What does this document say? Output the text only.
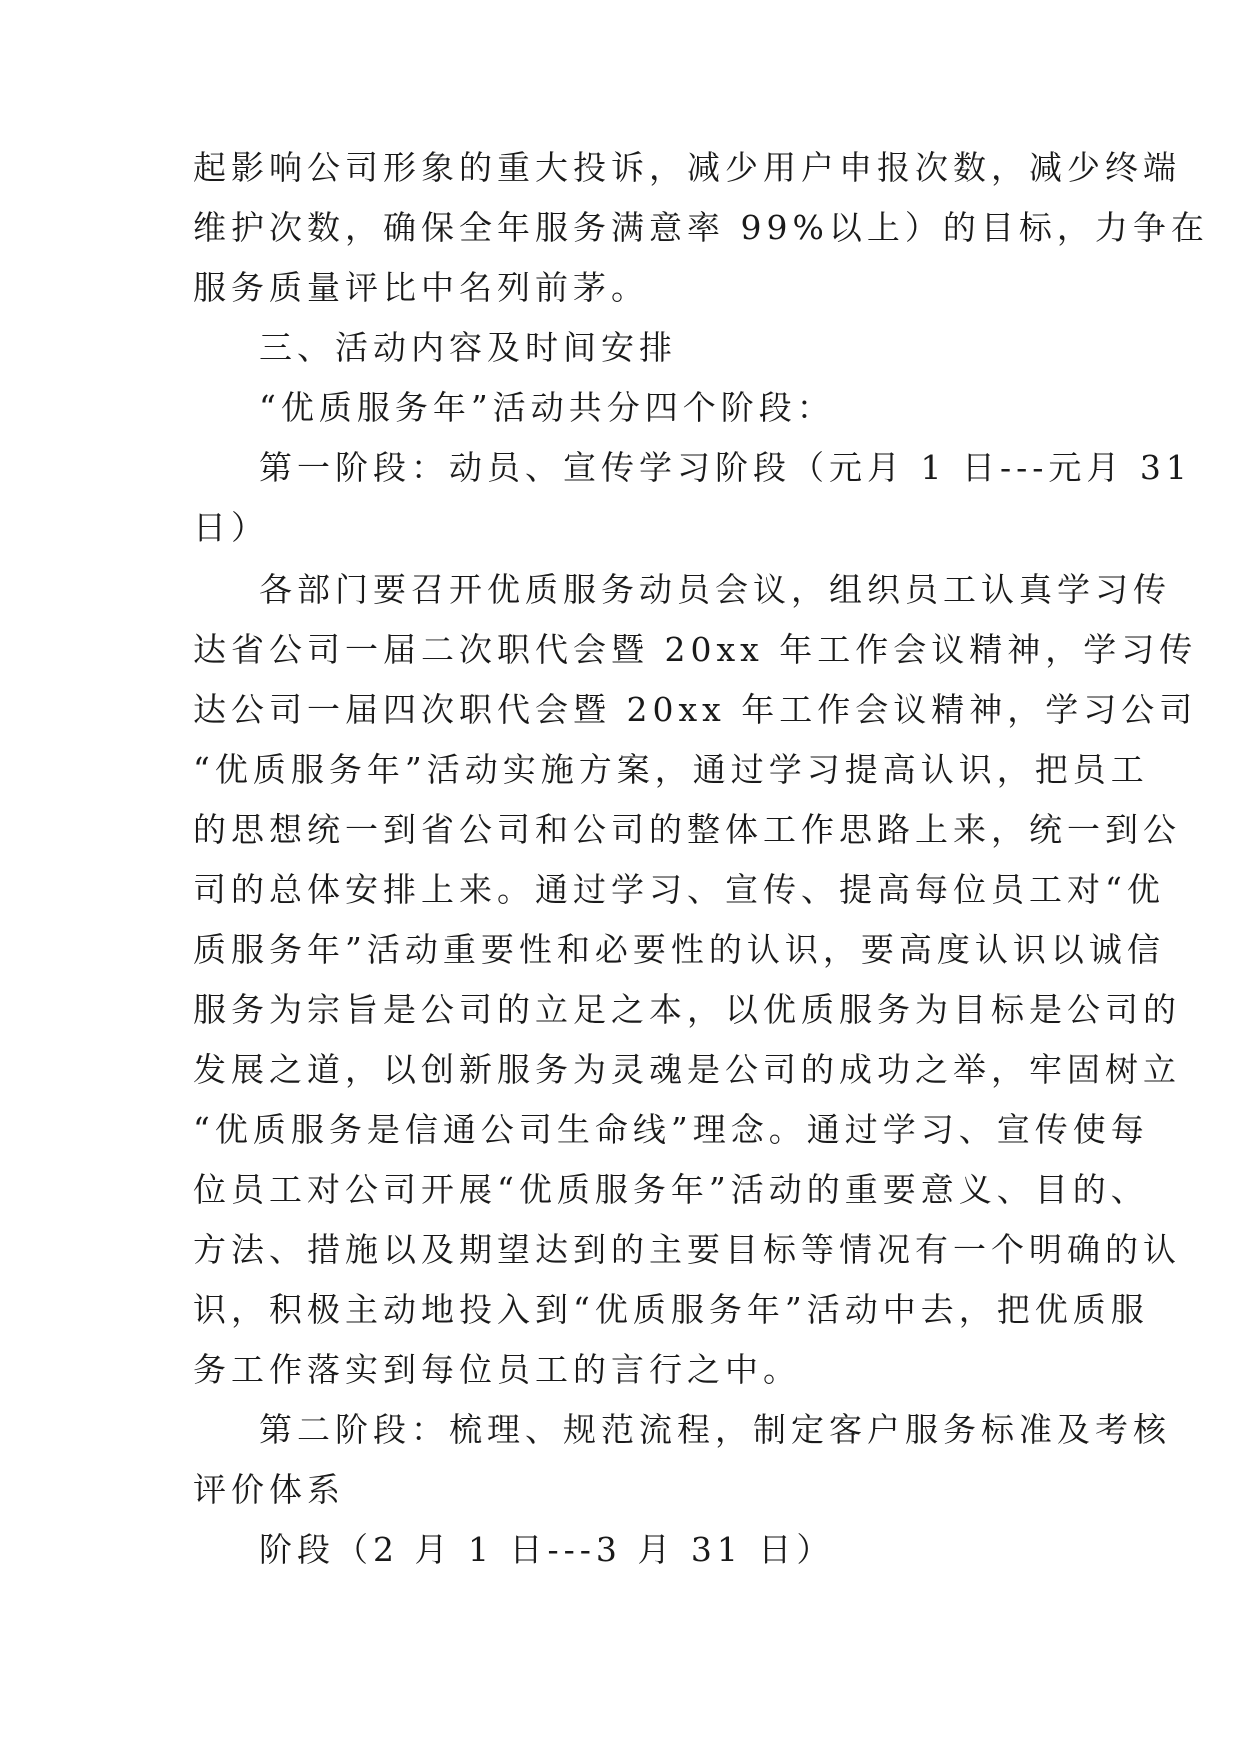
起影响公司形象的重大投诉，减少用户申报次数，减少终端
维护次数，确保全年服务满意率 99%以上）的目标，力争在
服务质量评比中名列前茅。
三、活动内容及时间安排
“优质服务年”活动共分四个阶段：
第一阶段：动员、宣传学习阶段（元月 1 日---元月 31
日）
各部门要召开优质服务动员会议，组织员工认真学习传
达省公司一届二次职代会暨 20xx 年工作会议精神，学习传
达公司一届四次职代会暨 20xx 年工作会议精神，学习公司
“优质服务年”活动实施方案，通过学习提高认识，把员工
的思想统一到省公司和公司的整体工作思路上来，统一到公
司的总体安排上来。通过学习、宣传、提高每位员工对“优
质服务年”活动重要性和必要性的认识，要高度认识以诚信
服务为宗旨是公司的立足之本，以优质服务为目标是公司的
发展之道，以创新服务为灵魂是公司的成功之举，牢固树立
“优质服务是信通公司生命线”理念。通过学习、宣传使每
位员工对公司开展“优质服务年”活动的重要意义、目的、
方法、措施以及期望达到的主要目标等情况有一个明确的认
识，积极主动地投入到“优质服务年”活动中去，把优质服
务工作落实到每位员工的言行之中。
第二阶段：梳理、规范流程，制定客户服务标准及考核
评价体系
阶段（2 月 1 日---3 月 31 日）
